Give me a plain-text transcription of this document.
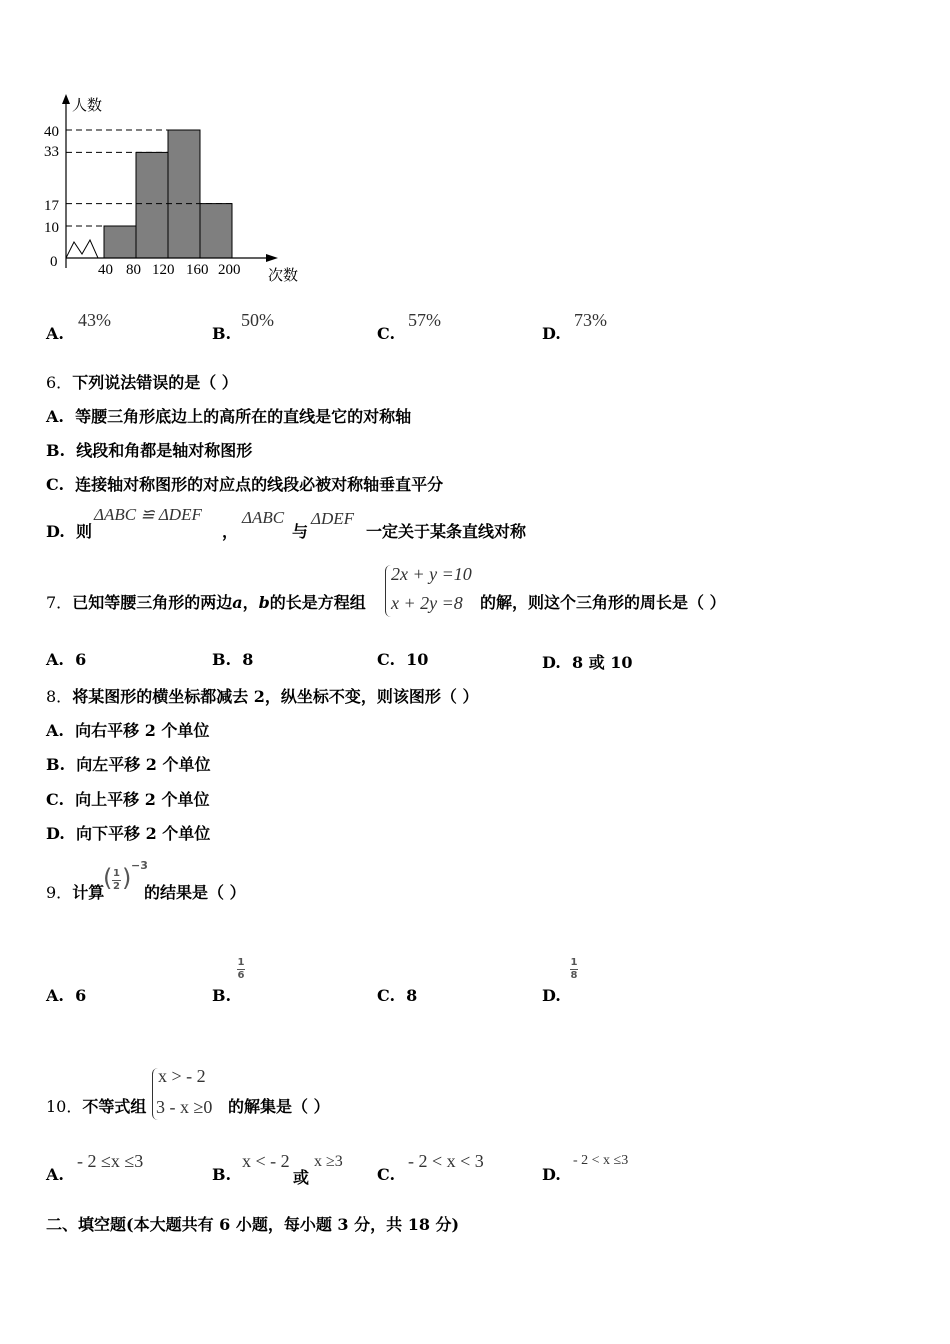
人数
次数
0
40
33
17
10
40 80 120 160 200
A.
43%
B.
50%
C.
57%
D.
73%
6．下列说法错误的是（ ）
A. 等腰三角形底边上的高所在的直线是它的对称轴
B. 线段和角都是轴对称图形
C. 连接轴对称图形的对应点的线段必被对称轴垂直平分
D. 则
ΔABC ≌ ΔDEF
，
ΔABC
与
ΔDEF
一定关于某条直线对称
7．已知等腰三角形的两边a，b的长是方程组
2x + y =10
x + 2y =8 的解，则这个三角形的周长是（ ）
A. 6	B. 8	C. 10	D. 8 或 10
8．将某图形的横坐标都减去 2，纵坐标不变，则该图形（ ）
A. 向右平移 2 个单位
B. 向左平移 2 个单位
C. 向上平移 2 个单位
D. 向下平移 2 个单位
9．计算
( 1
2 ) −3
的结果是（ ）
A. 6	B.
1
6
C. 8	D.
1
8
10．不等式组
x > - 2
3 - x ≥0 的解集是（ ）
A.
- 2 ≤x ≤3
B.
x < - 2
或
x ≥3
C.
- 2 < x < 3
D.
- 2 < x ≤3
二、填空题(本大题共有 6 小题，每小题 3 分，共 18 分)
